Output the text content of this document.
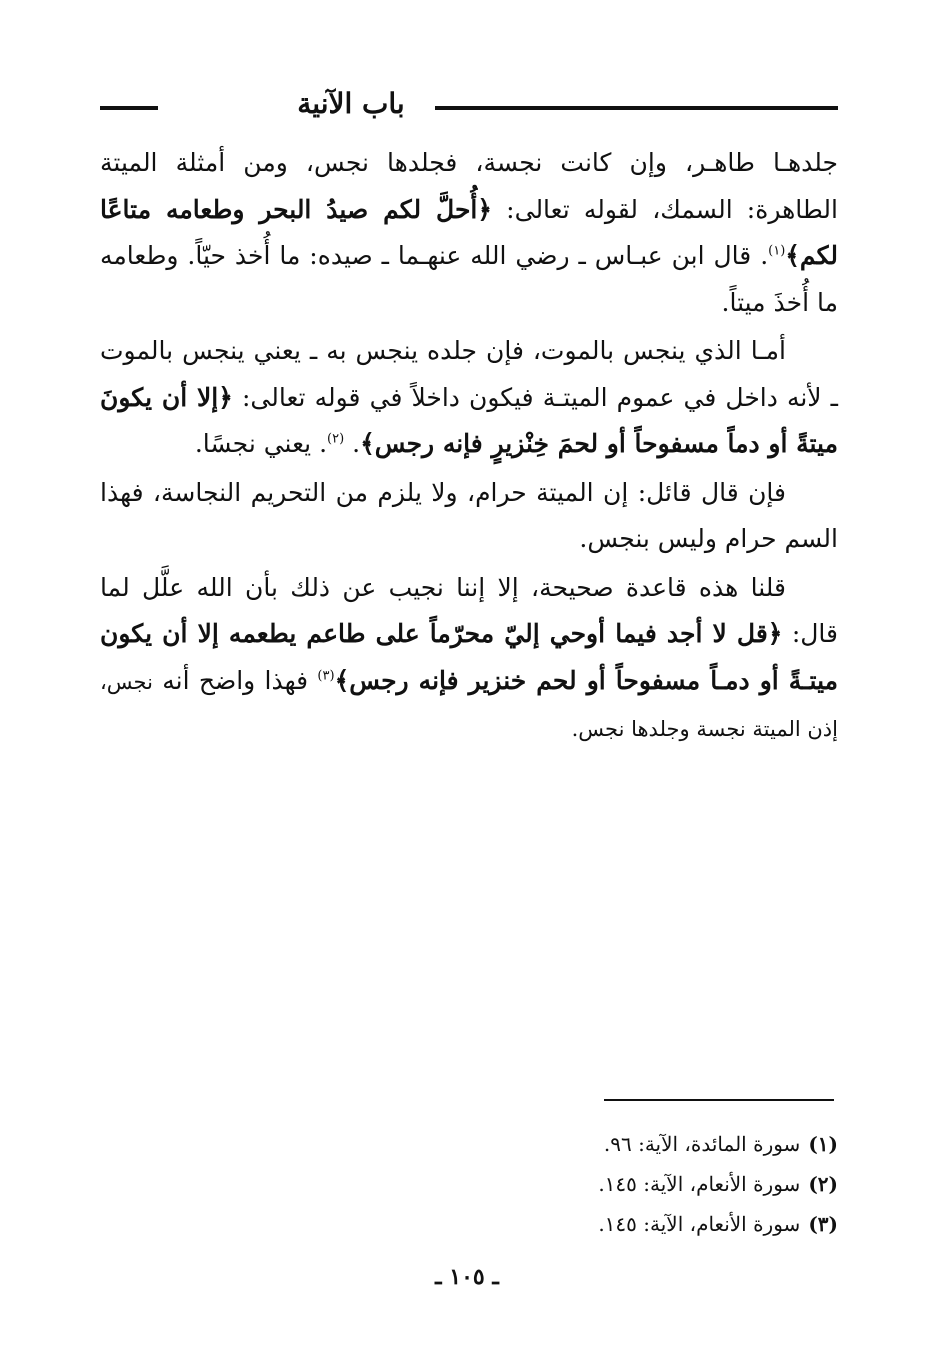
باب الآنية

جلدهـا طاهـر، وإن كانت نجسة، فجلدها نجس، ومن أمثلة الميتة الطاهرة: السمك، لقوله تعالى: ﴿أُحلَّ لكم صيدُ البحر وطعامه متاعًا لكم﴾$^{(١)}$. قال ابن عبـاس ـ رضي الله عنهـما ـ صيده: ما أُخذ حيّاً. وطعامه ما أُخذَ ميتاً.

أمـا الذي ينجس بالموت، فإن جلده ينجس به ـ يعني ينجس بالموت ـ لأنه داخل في عموم الميتـة فيكون داخلاً في قوله تعالى: ﴿إلا أن يكونَ ميتةً أو دماً مسفوحاً أو لحمَ خِنْزيرٍ فإنه رجس﴾. $^{(٢)}$. يعني نجسًا.

فإن قال قائل: إن الميتة حرام، ولا يلزم من التحريم النجاسة، فهذا السم حرام وليس بنجس.

قلنا هذه قاعدة صحيحة، إلا إننا نجيب عن ذلك بأن الله علَّل لما قال: ﴿قل لا أجد فيما أوحي إليّ محرّماً على طاعم يطعمه إلا أن يكون ميتـةً أو دمـاً مسفوحاً أو لحم خنزير فإنه رجس﴾$^{(٣)}$ فهذا واضح أنه نجس، إذن الميتة نجسة وجلدها نجس.

(١)
سورة المائدة، الآية: ٩٦.
(٢)
سورة الأنعام، الآية: ١٤٥.
(٣)
سورة الأنعام، الآية: ١٤٥.
ـ ١٠٥ ـ
